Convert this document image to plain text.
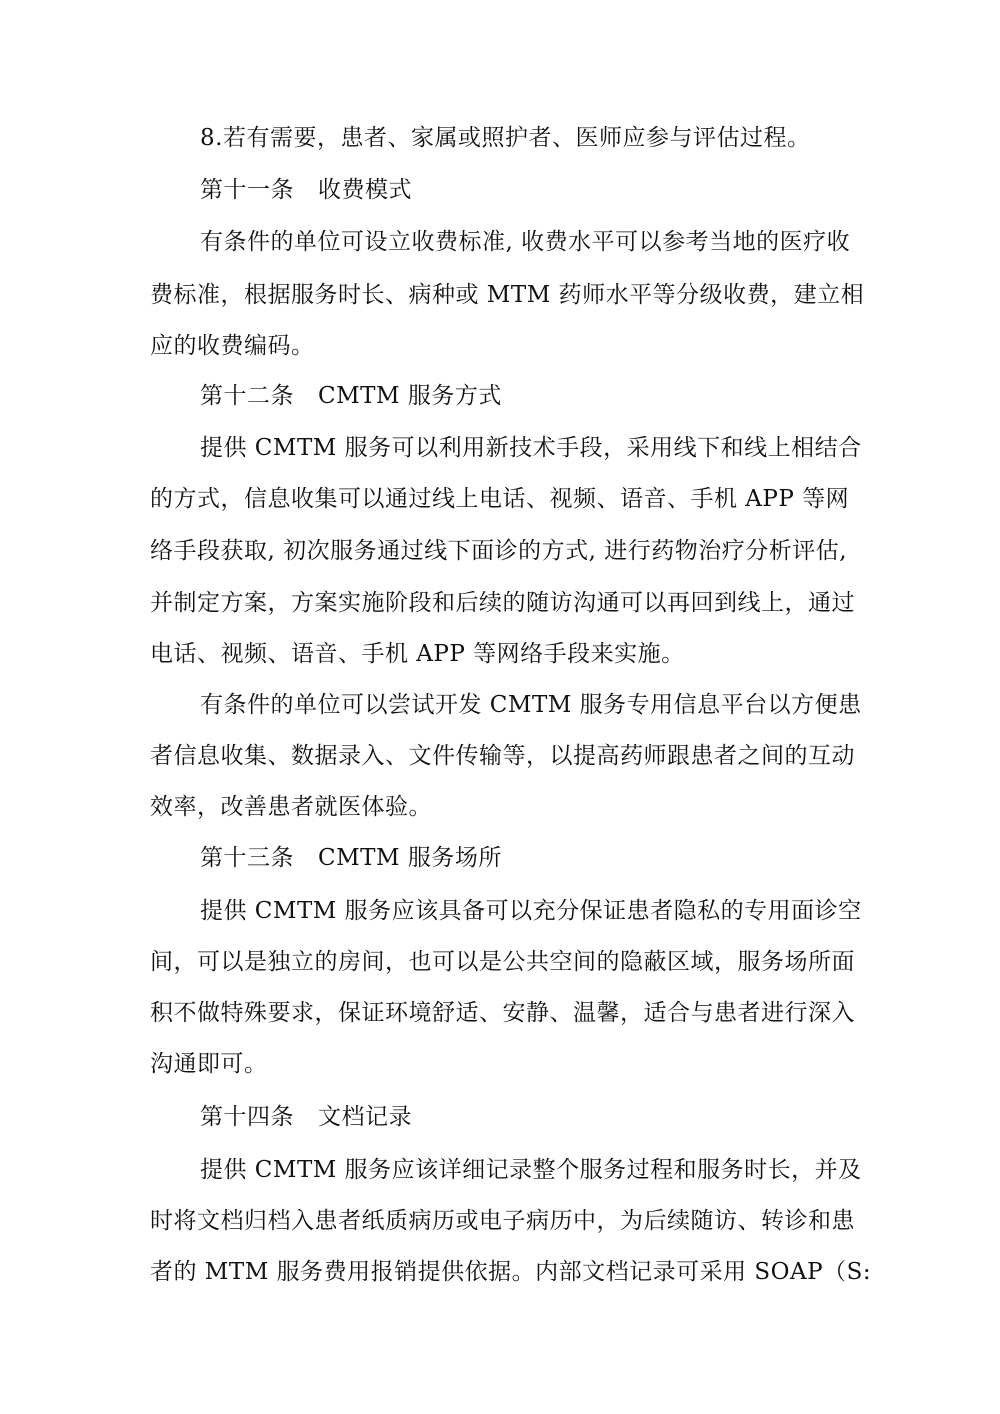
8.若有需要，患者、家属或照护者、医师应参与评估过程。
第十一条 收费模式
有条件的单位可设立收费标准, 收费水平可以参考当地的医疗收
费标准，根据服务时长、病种或 MTM 药师水平等分级收费，建立相
应的收费编码。
第十二条 CMTM 服务方式
提供 CMTM 服务可以利用新技术手段，采用线下和线上相结合
的方式，信息收集可以通过线上电话、视频、语音、手机 APP 等网
络手段获取, 初次服务通过线下面诊的方式, 进行药物治疗分析评估,
并制定方案，方案实施阶段和后续的随访沟通可以再回到线上，通过
电话、视频、语音、手机 APP 等网络手段来实施。
有条件的单位可以尝试开发 CMTM 服务专用信息平台以方便患
者信息收集、数据录入、文件传输等，以提高药师跟患者之间的互动
效率，改善患者就医体验。
第十三条 CMTM 服务场所
提供 CMTM 服务应该具备可以充分保证患者隐私的专用面诊空
间，可以是独立的房间，也可以是公共空间的隐蔽区域，服务场所面
积不做特殊要求，保证环境舒适、安静、温馨，适合与患者进行深入
沟通即可。
第十四条 文档记录
提供 CMTM 服务应该详细记录整个服务过程和服务时长，并及
时将文档归档入患者纸质病历或电子病历中，为后续随访、转诊和患
者的 MTM 服务费用报销提供依据。内部文档记录可采用 SOAP（S:
